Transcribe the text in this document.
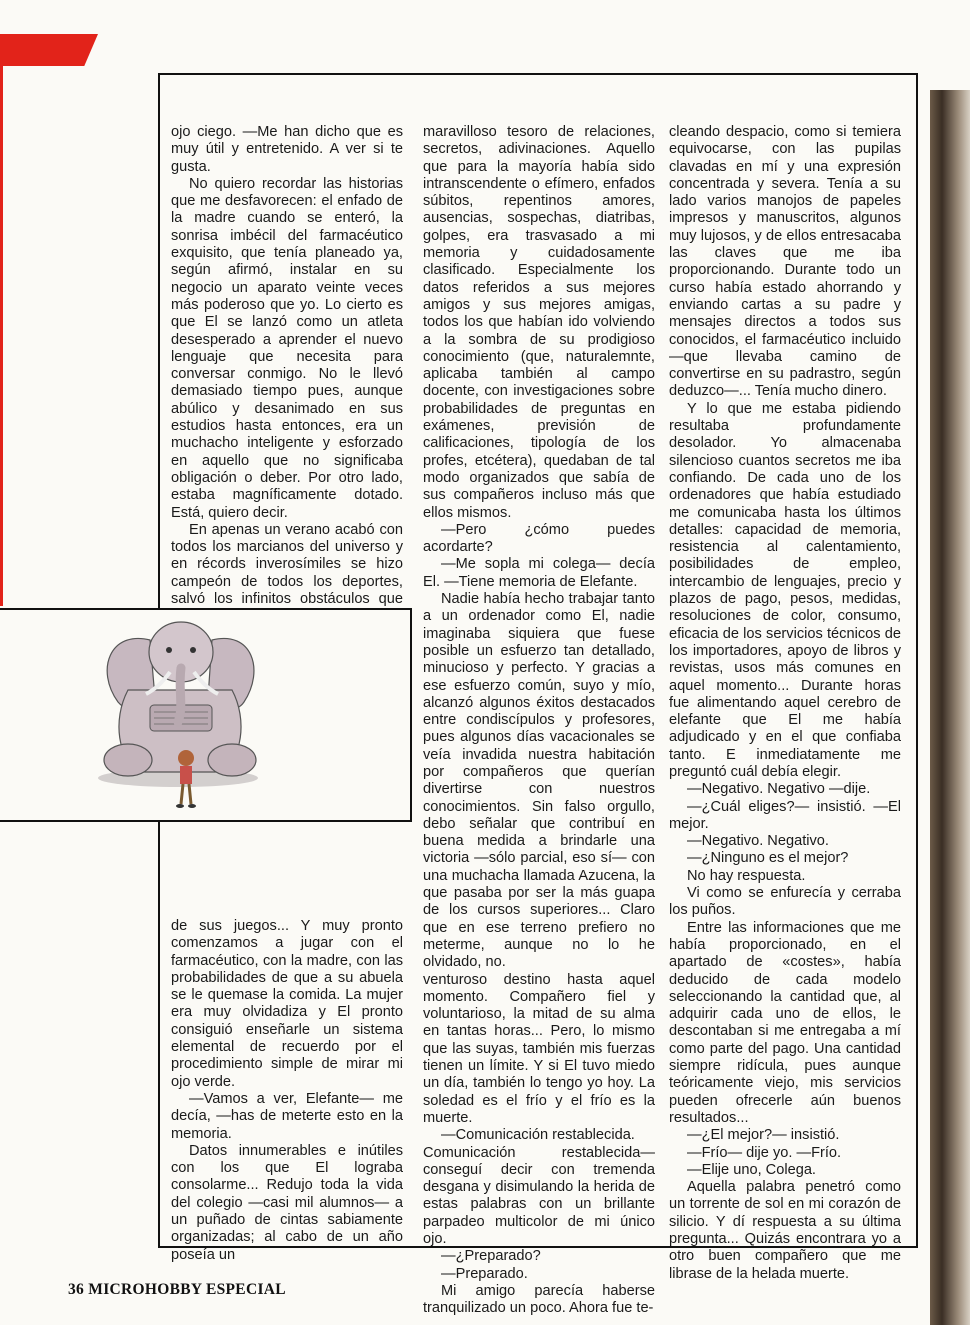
ojo ciego. —Me han dicho que es muy útil y entretenido. A ver si te gusta.

No quiero recordar las historias que me desfavorecen: el enfado de la madre cuando se enteró, la sonrisa imbécil del farmacéutico exquisito, que tenía planeado ya, según afirmó, instalar en su negocio un aparato veinte veces más poderoso que yo. Lo cierto es que El se lanzó como un atleta desesperado a aprender el nuevo lenguaje que necesita para conversar conmigo. No le llevó demasiado tiempo pues, aunque abúlico y desanimado en sus estudios hasta entonces, era un muchacho inteligente y esforzado en aquello que no significaba obligación o deber. Por otro lado, estaba magníficamente dotado. Está, quiero decir.

En apenas un verano acabó con todos los marcianos del universo y en récords inverosímiles se hizo campeón de todos los deportes, salvó los infinitos obstáculos que

de sus juegos... Y muy pronto comenzamos a jugar con el farmacéutico, con la madre, con las probabilidades de que a su abuela se le quemase la comida. La mujer era muy olvidadiza y El pronto consiguió enseñarle un sistema elemental de recuerdo por el procedimiento simple de mirar mi ojo verde.

—Vamos a ver, Elefante— me decía, —has de meterte esto en la memoria.

Datos innumerables e inútiles con los que El lograba consolarme... Redujo toda la vida del colegio —casi mil alumnos— a un puñado de cintas sabiamente organizadas; al cabo de un año poseía un

maravilloso tesoro de relaciones, secretos, adivinaciones. Aquello que para la mayoría había sido intranscendente o efímero, enfados súbitos, repentinos amores, ausencias, sospechas, diatribas, golpes, era trasvasado a mi memoria y cuidadosamente clasificado. Especialmente los datos referidos a sus mejores amigos y sus mejores amigas, todos los que habían ido volviendo a la sombra de su prodigioso conocimiento (que, naturalemnte, aplicaba también al campo docente, con investigaciones sobre probabilidades de preguntas en exámenes, previsión de calificaciones, tipología de los profes, etcétera), quedaban de tal modo organizados que sabía de sus compañeros incluso más que ellos mismos.

—Pero ¿cómo puedes acordarte?

—Me sopla mi colega— decía El. —Tiene memoria de Elefante.

Nadie había hecho trabajar tanto a un ordenador como El, nadie imaginaba siquiera que fuese posible un esfuerzo tan detallado, minucioso y perfecto. Y gracias a ese esfuerzo común, suyo y mío, alcanzó algunos éxitos destacados entre condiscípulos y profesores, pues algunos días vacacionales se veía invadida nuestra habitación por compañeros que querían divertirse con nuestros conocimientos. Sin falso orgullo, debo señalar que contribuí en buena medida a brindarle una victoria —sólo parcial, eso sí— con una muchacha llamada Azucena, la que pasaba por ser la más guapa de los cursos superiores... Claro que en ese terreno prefiero no meterme, aunque no lo he olvidado, no.

venturoso destino hasta aquel momento. Compañero fiel y voluntarioso, la mitad de su alma en tantas horas... Pero, lo mismo que las suyas, también mis fuerzas tienen un límite. Y si El tuvo miedo un día, también lo tengo yo hoy. La soledad es el frío y el frío es la muerte.

—Comunicación restablecida.

Comunicación restablecida— conseguí decir con tremenda desgana y disimulando la herida de estas palabras con un brillante parpadeo multicolor de mi único ojo.

—¿Preparado?

—Preparado.

Mi amigo parecía haberse tranquilizado un poco. Ahora fue te-

cleando despacio, como si temiera equivocarse, con las pupilas clavadas en mí y una expresión concentrada y severa. Tenía a su lado varios manojos de papeles impresos y manuscritos, algunos muy lujosos, y de ellos entresacaba las claves que me iba proporcionando. Durante todo un curso había estado ahorrando y enviando cartas a su padre y mensajes directos a todos sus conocidos, el farmacéutico incluido —que llevaba camino de convertirse en su padrastro, según deduzco—... Tenía mucho dinero.

Y lo que me estaba pidiendo resultaba profundamente desolador. Yo almacenaba silencioso cuantos secretos me iba confiando. De cada uno de los ordenadores que había estudiado me comunicaba hasta los últimos detalles: capacidad de memoria, resistencia al calentamiento, posibilidades de empleo, intercambio de lenguajes, precio y plazos de pago, pesos, medidas, resoluciones de color, consumo, eficacia de los servicios técnicos de los importadores, apoyo de libros y revistas, usos más comunes en aquel momento... Durante horas fue alimentando aquel cerebro de elefante que El me había adjudicado y en el que confiaba tanto. E inmediatamente me preguntó cuál debía elegir.

—Negativo. Negativo —dije.

—¿Cuál eliges?— insistió. —El mejor.

—Negativo. Negativo.

—¿Ninguno es el mejor?

No hay respuesta.

Vi como se enfurecía y cerraba los puños.

Entre las informaciones que me había proporcionado, en el apartado de «costes», había deducido de cada modelo seleccionando la cantidad que, al adquirir cada uno de ellos, le descontaban si me entregaba a mí como parte del pago. Una cantidad siempre ridícula, pues aunque teóricamente viejo, mis servicios pueden ofrecerle aún buenos resultados...

—¿El mejor?— insistió.

—Frío— dije yo. —Frío.

—Elije uno, Colega.

Aquella palabra penetró como un torrente de sol en mi corazón de silicio. Y dí respuesta a su última pregunta... Quizás encontrara yo a otro buen compañero que me librase de la helada muerte.

36 MICROHOBBY ESPECIAL
